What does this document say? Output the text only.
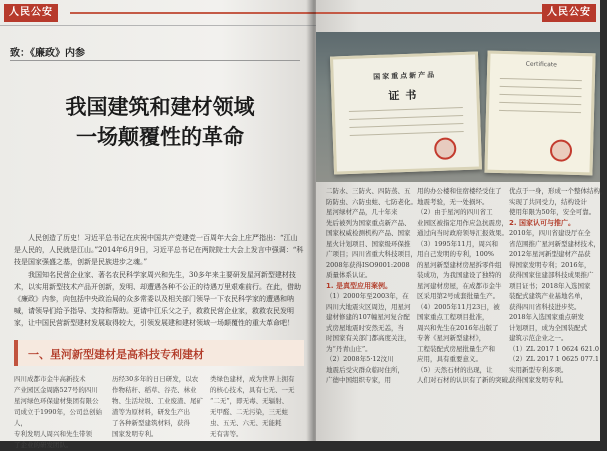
人民公安
致：《廉政》内参
我国建筑和建材领域
一场颠覆性的革命

人民创造了历史！习近平总书记在庆祝中国共产党建党一百周年大会上庄严指出：“江山是人民的，人民就是江山。”2014年6月9日，习近平总书记在两院院士大会上发言中强调：“科技是国家强盛之基，创新是民族进步之魂。”

我国知名民营企业家、著名农民科学家周兴和先生，30多年来主要研发星河新型建材技术，以实用新型技术产品开创新，发明、却遭遇各种不公正的待遇万里艰难前行。在此，借助《廉政》内参，向包括中央政治局的众多常委以及相关部门领导一下农民科学家的遭遇和呐喊，请领导们给予指导、支持和帮助。更请中江乐父之子，救救民营企业家，救救农民发明家，让中国民营新型建材发展取得较大，引领发展建和建材领域一场颠覆性的重大革命吧！

一、星河新型建材是高科技专利建材
四川成都市金牛高新技术
产业园区金周路527号的四川
星河绿色环保建材集团有限公
司成立于1990年，公司总创始人，
专利发明人周兴和先生带领
了企业的研发团队。
历经30多年的日日研发，以农
作物秸秆、稻草、谷壳、林业
物、生活垃圾、工业废渣、尾矿
渣等为原材料，研发生产出
了各种新型建筑材料，获得
国家发明专利。
类绿色建材，成为世界上拥有
的核心技术，具有七无、一无
“二无”，即无毒、无辐射、
无甲醛、二无污染，三无蛀
虫、五无、六无、无能耗
无有害等。
人民公安
国家重点新产品
证书
Certificate
二防水、三防火、四防蒸、五
防防虫、六防虫蛀、七防老化。
星河绿材产品，几十年来
先后被列为国家重点新产品、
国家权威检测机构产品、国家
星火计划项目、国家级环保推
广项目；四川省重大科技项目，
2008年获得ISO9001:2008
质量体系认证。
1. 是真型应用案例。
（1）2000年至2003年，在
四川大地震灾区周边，用星河
建材修建的107幢星河复合配
式房屋地震时安然无恙，当
时国家有关部门都高度关注，
为“丹青山庄”。
（2）2008年5·12汶川
地震后受灾群众临时住所，
广德中国组织专家，用
用的办公楼和住宿楼经受住了
地震考验，无一处损坏。
（2）由于星河的四川省工
业园区被指定用作应急抗震房，
通过向当时政府领导汇报效果。
（3）1995年11月，周兴和
用自己发明的专利，100%
的星河新型建材房屋拆零件组
装成功，为我国建设了独特的
星河建材房屋，在成都市金牛
区采用第2号成套批量生产。
（4）2005年11月23日，被
国家重点工程项目批准，
周兴和先生在2016年出版了
专著《星河新型建材》，
工程装配式房屋批量生产和
应用，具有重要意义。
（5）天然石材的出现，让
人们对石材的认识有了新的突破。
优点于一身，形成一个整体结构，
实现了共同受力，结构设计
使用年限为50年，安全可靠。
2. 国家认可与推广。
2010年，四川省建设厅在全
省范围推广星河新型建材技术，
2012年星河新型建材产品获
得国家发明专利；2016年，
获得国家住建部科技成果推广
项目证书；2018年入选国家
装配式建筑产业基地名单，
获得四川省科技进步奖。
2018年入选国家重点研发
计划项目，成为全国装配式
建筑示范企业之一。
（1）ZL 2017 1 0624 621.0
（2）ZL 2017 1 0625 077.1
实用新型专利多项。
获得国家发明专利。
